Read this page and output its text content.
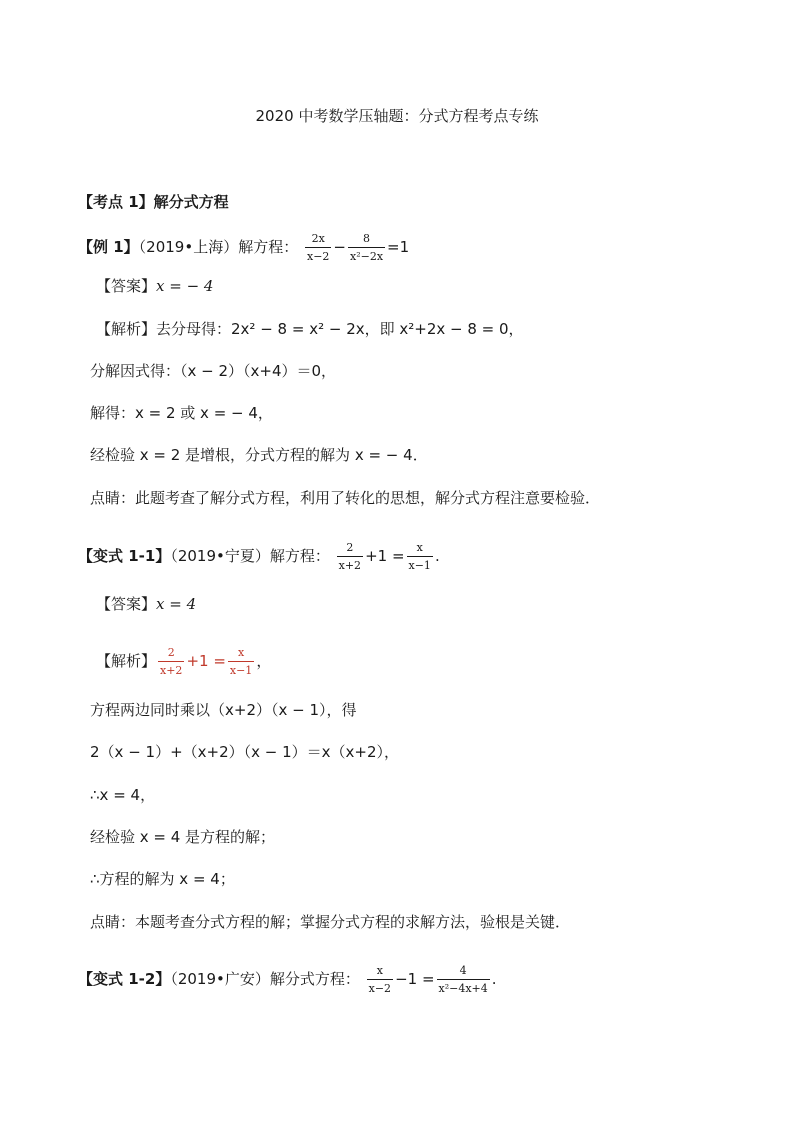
2020 中考数学压轴题：分式方程考点专练
【考点 1】解分式方程
【例 1】（2019•上海）解方程： $\frac{2x}{x-2} - \frac{8}{\text{x²−2x}} =1$
【答案】x = − 4
【解析】去分母得：2x² − 8 = x² − 2x，即 x²+2x − 8 = 0，
分解因式得：（x − 2）（x+4）＝0，
解得：x = 2 或 x = − 4，
经检验 x = 2 是增根，分式方程的解为 x = − 4．
点睛：此题考查了解分式方程，利用了转化的思想，解分式方程注意要检验．
【变式 1-1】（2019•宁夏）解方程： $\frac{2}{x+2} +1 = \frac{x}{x-1}$ .
【答案】x = 4
【解析】 $\frac{2}{x+2} +1 = \frac{x}{x-1}$ ，
方程两边同时乘以（x+2）（x − 1），得
2（x − 1）+（x+2）（x − 1）＝x（x+2），
∴x = 4，
经检验 x = 4 是方程的解；
∴方程的解为 x = 4；
点睛：本题考查分式方程的解；掌握分式方程的求解方法，验根是关键．
【变式 1-2】（2019•广安）解分式方程： $\frac{x}{x-2} -1 = \frac{4}{\text{x²−4x+4}}$ .
